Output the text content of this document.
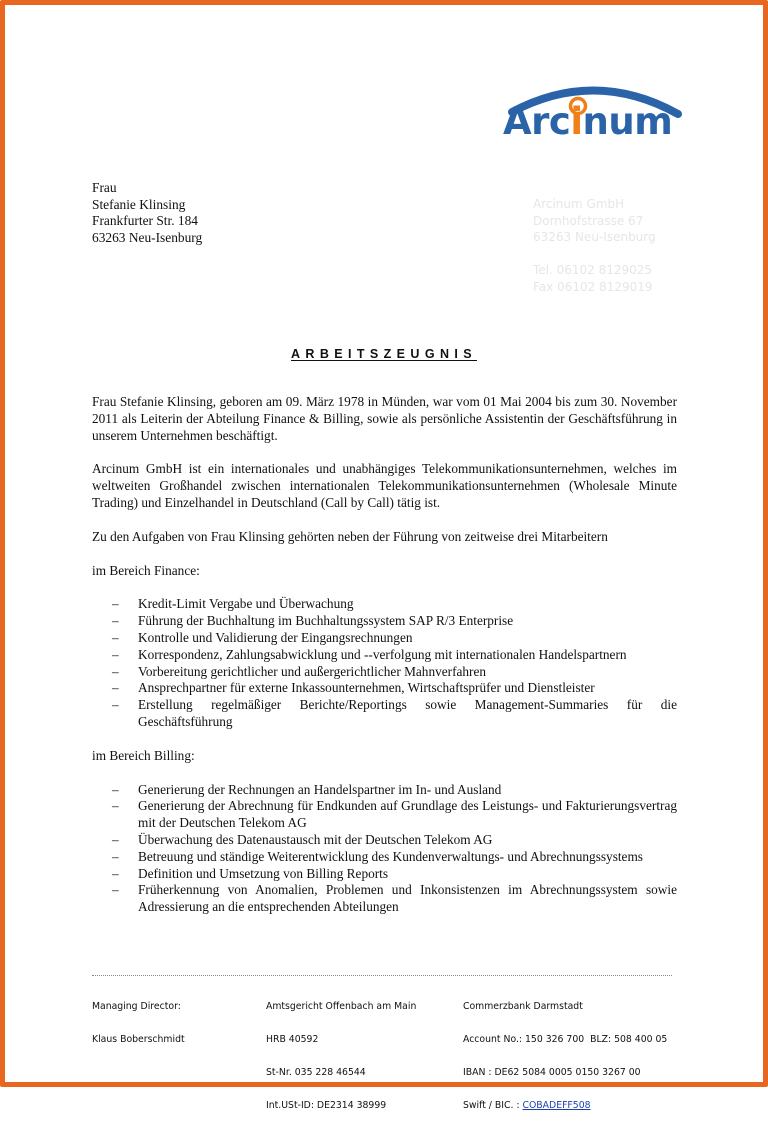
Arcinum
Frau
Stefanie Klinsing
Frankfurter Str. 184
63263 Neu-Isenburg
Arcinum GmbH
Dornhofstrasse 67
63263 Neu-Isenburg
Tel. 06102 8129025
Fax 06102 8129019
ARBEITSZEUGNIS

Frau Stefanie Klinsing, geboren am 09. März 1978 in Münden, war vom 01 Mai 2004 bis zum 30. November 2011 als Leiterin der Abteilung Finance & Billing, sowie als persönliche Assistentin der Geschäftsführung in unserem Unternehmen beschäftigt.

Arcinum GmbH ist ein internationales und unabhängiges Telekommunikationsunternehmen, welches im weltweiten Großhandel zwischen internationalen Telekommunikationsunternehmen (Wholesale Minute Trading) und Einzelhandel in Deutschland (Call by Call) tätig ist.

Zu den Aufgaben von Frau Klinsing gehörten neben der Führung von zeitweise drei Mitarbeitern

im Bereich Finance:

– Kredit-Limit Vergabe und Überwachung
– Führung der Buchhaltung im Buchhaltungssystem SAP R/3 Enterprise
– Kontrolle und Validierung der Eingangsrechnungen
– Korrespondenz, Zahlungsabwicklung und --verfolgung mit internationalen Handelspartnern
– Vorbereitung gerichtlicher und außergerichtlicher Mahnverfahren
– Ansprechpartner für externe Inkassounternehmen, Wirtschaftsprüfer und Dienstleister
– Erstellung regelmäßiger Berichte/Reportings sowie Management-Summaries für die Geschäftsführung

im Bereich Billing:

– Generierung der Rechnungen an Handelspartner im In- und Ausland
– Generierung der Abrechnung für Endkunden auf Grundlage des Leistungs- und Fakturierungsvertrag mit der Deutschen Telekom AG
– Überwachung des Datenaustausch mit der Deutschen Telekom AG
– Betreuung und ständige Weiterentwicklung des Kundenverwaltungs- und Abrechnungssystems
– Definition und Umsetzung von Billing Reports
– Früherkennung von Anomalien, Problemen und Inkonsistenzen im Abrechnungssystem sowie Adressierung an die entsprechenden Abteilungen

Managing Director:

Klaus Boberschmidt

Amtsgericht Offenbach am Main

HRB 40592

St-Nr. 035 228 46544

Int.USt-ID: DE2314 38999

Commerzbank Darmstadt

Account No.: 150 326 700  BLZ: 508 400 05

IBAN : DE62 5084 0005 0150 3267 00

Swift / BIC. : COBADEFF508
